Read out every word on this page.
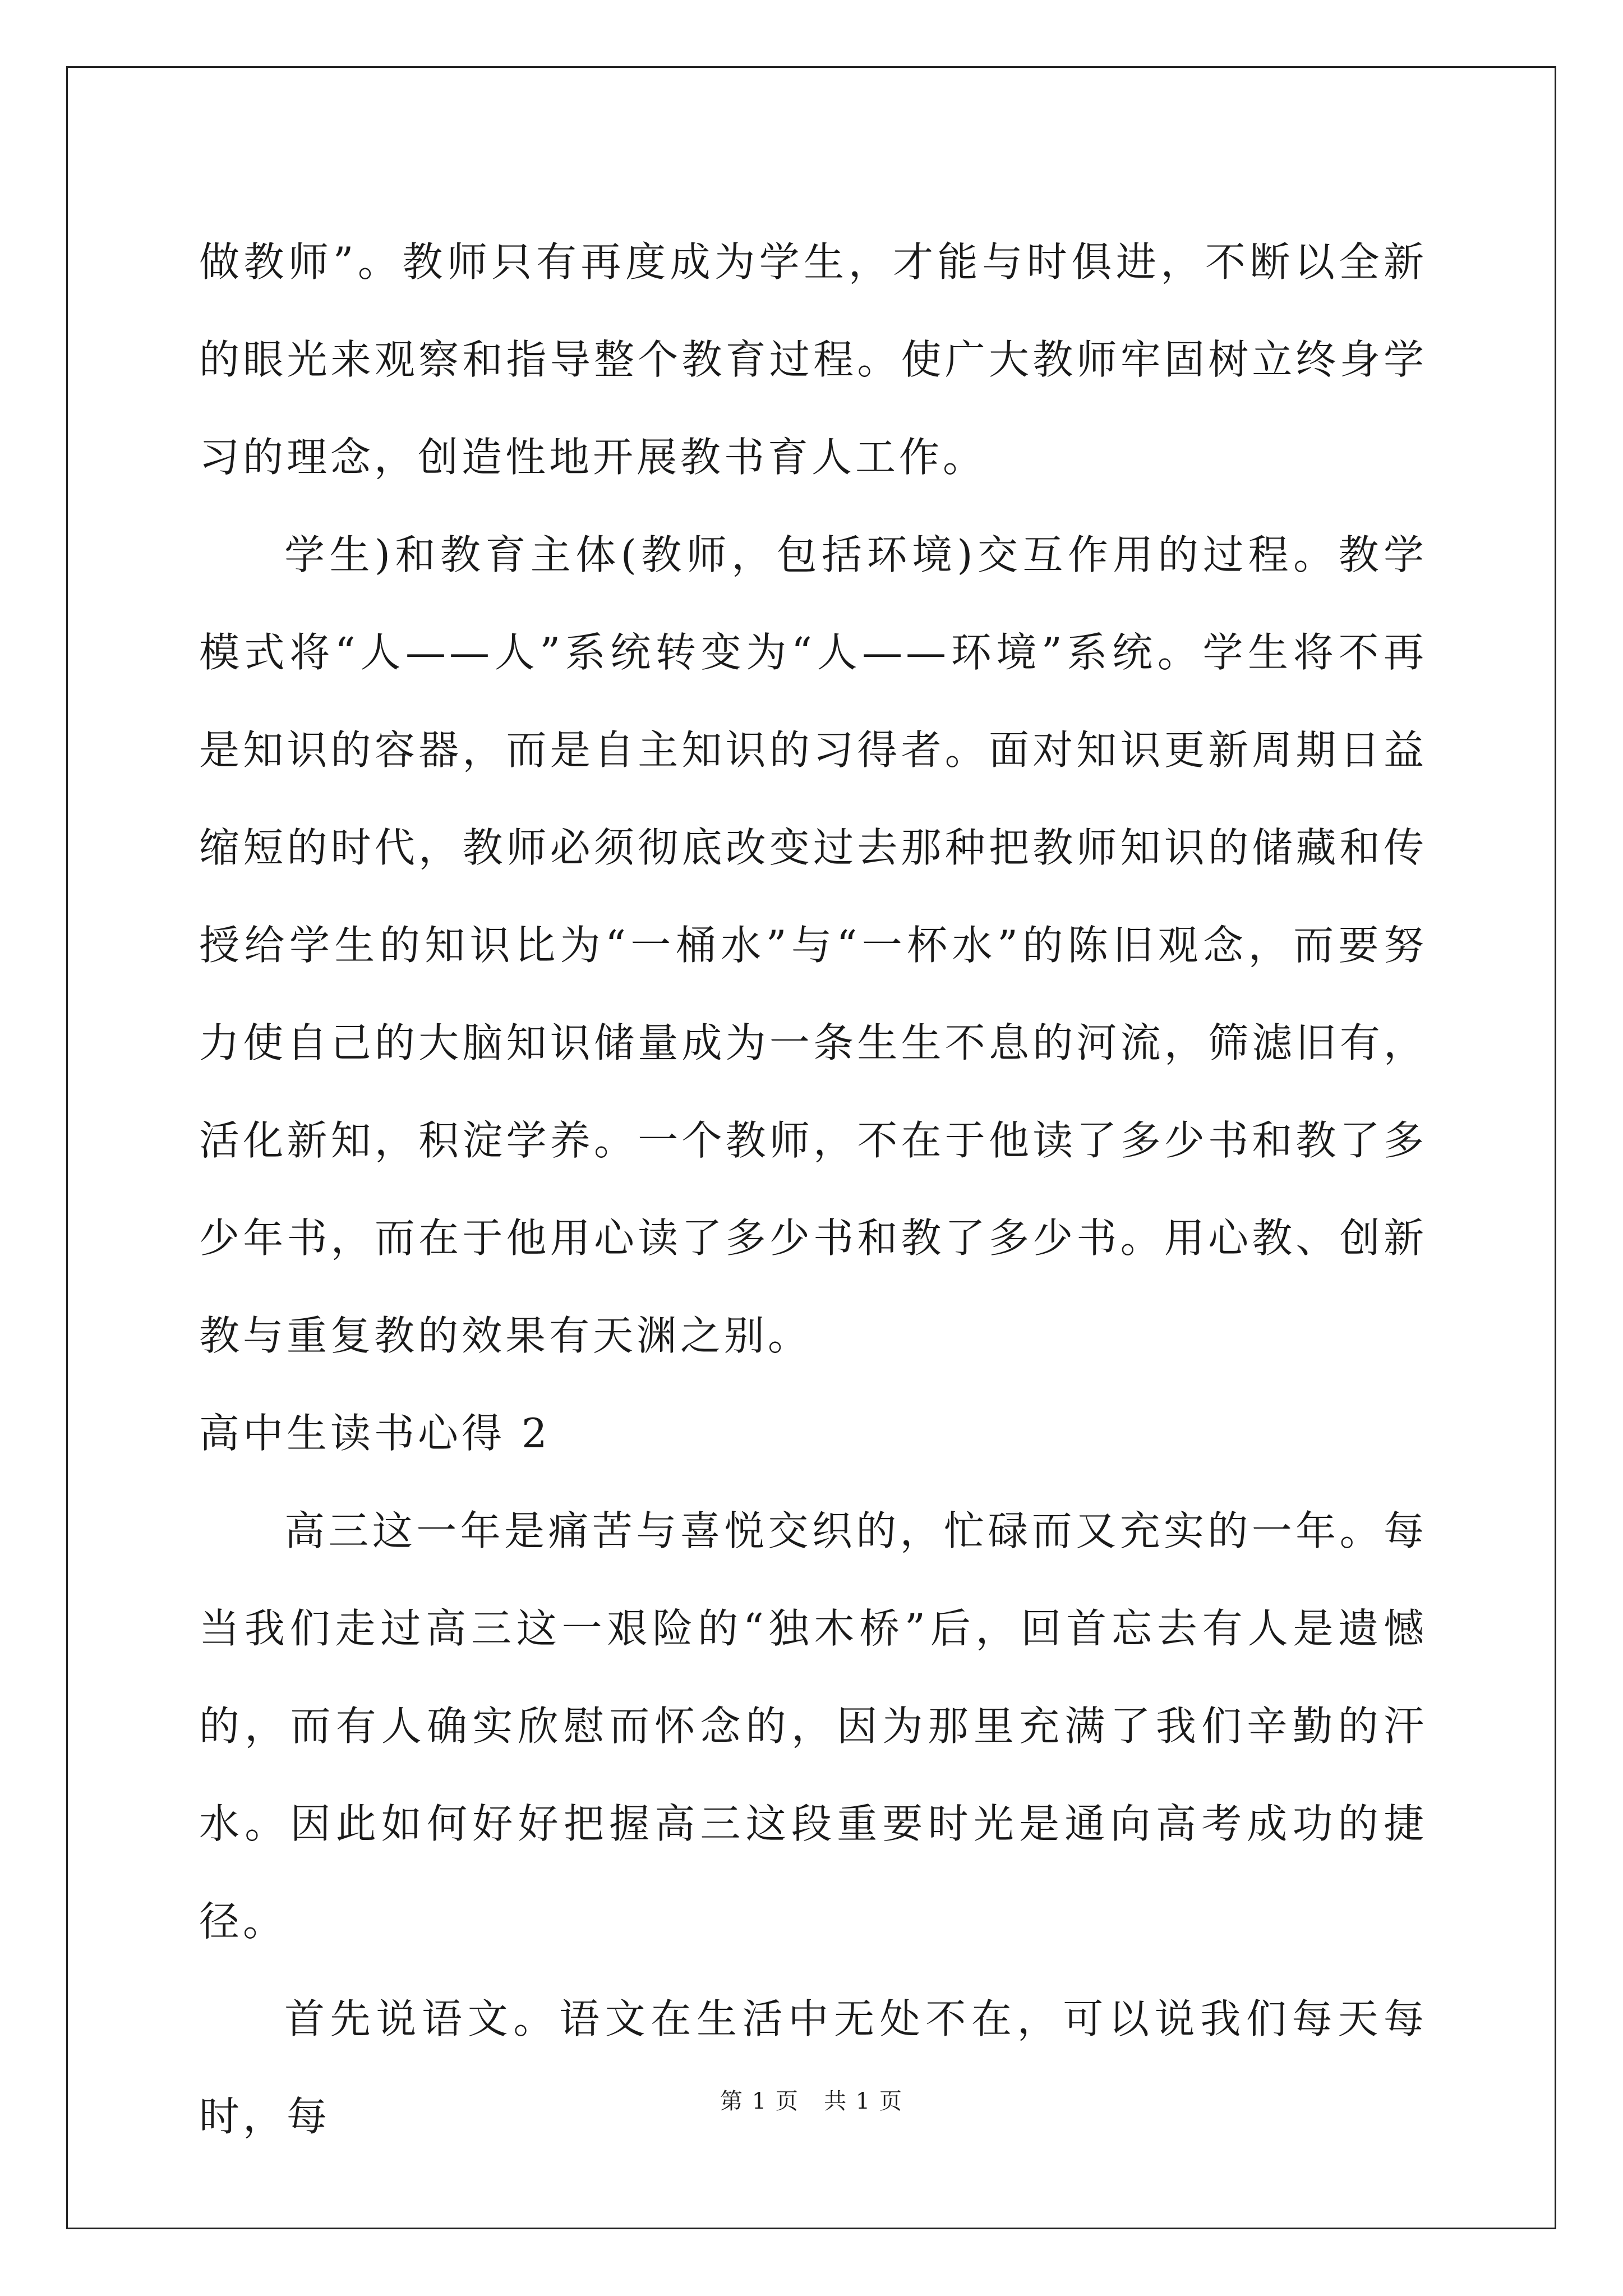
做教师”。教师只有再度成为学生，才能与时俱进，不断以全新的眼光来观察和指导整个教育过程。使广大教师牢固树立终身学习的理念，创造性地开展教书育人工作。

学生)和教育主体(教师，包括环境)交互作用的过程。教学模式将“人——人”系统转变为“人——环境”系统。学生将不再是知识的容器，而是自主知识的习得者。面对知识更新周期日益缩短的时代，教师必须彻底改变过去那种把教师知识的储藏和传授给学生的知识比为“一桶水”与“一杯水”的陈旧观念，而要努力使自己的大脑知识储量成为一条生生不息的河流，筛滤旧有，活化新知，积淀学养。一个教师，不在于他读了多少书和教了多少年书，而在于他用心读了多少书和教了多少书。用心教、创新教与重复教的效果有天渊之别。

高中生读书心得 2

高三这一年是痛苦与喜悦交织的，忙碌而又充实的一年。每当我们走过高三这一艰险的“独木桥”后，回首忘去有人是遗憾的，而有人确实欣慰而怀念的，因为那里充满了我们辛勤的汗水。因此如何好好把握高三这段重要时光是通向高考成功的捷径。

首先说语文。语文在生活中无处不在，可以说我们每天每时，每	第 1 页 共 1 页
